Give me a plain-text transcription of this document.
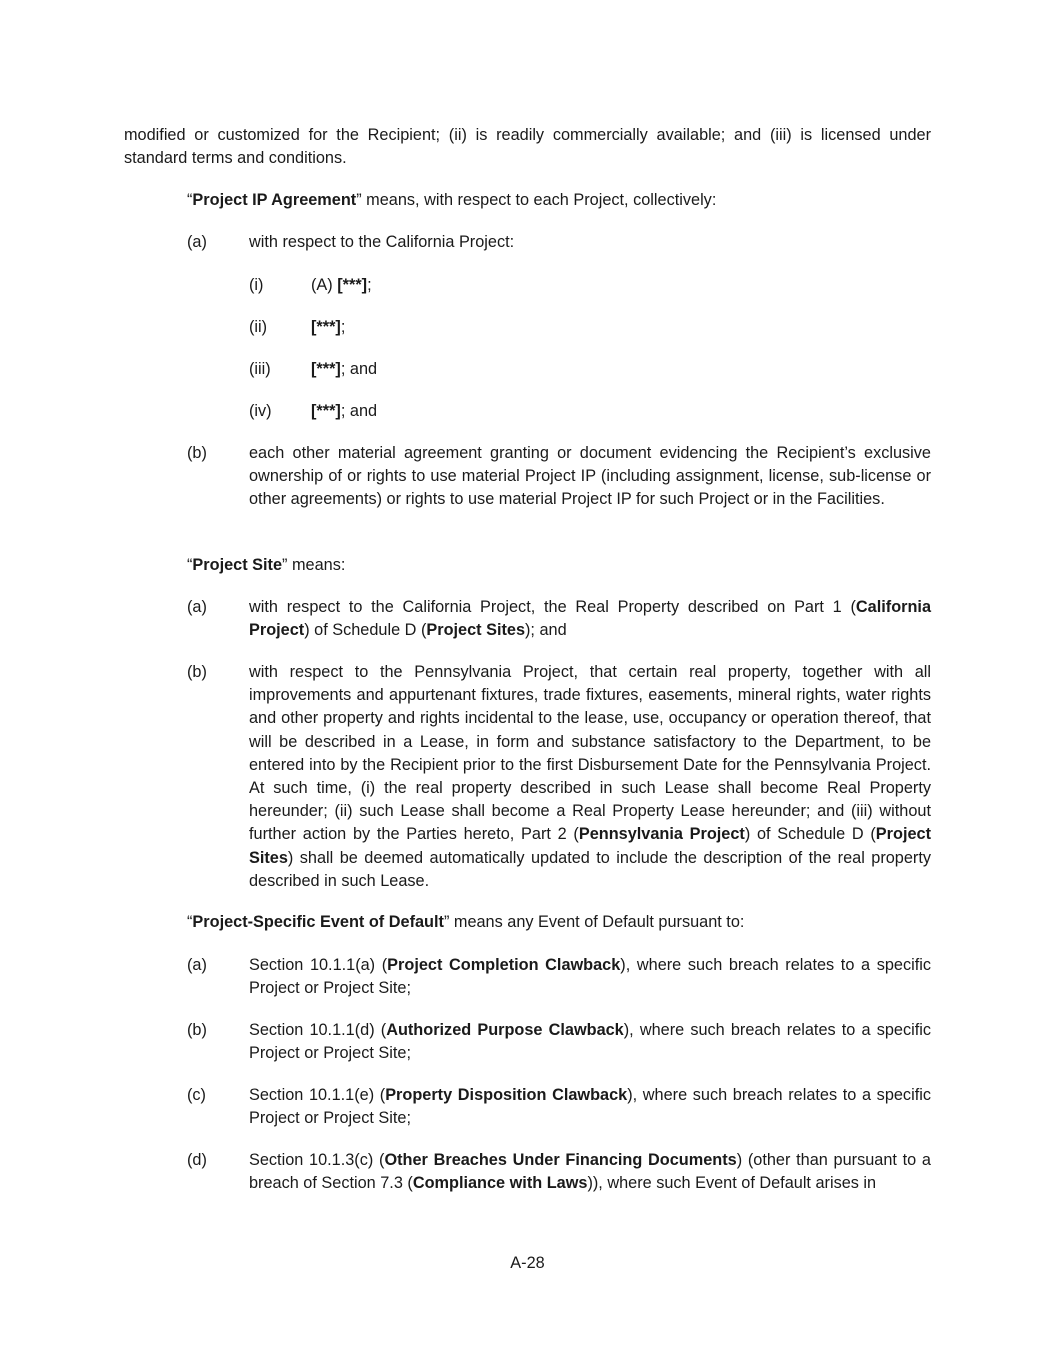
modified or customized for the Recipient; (ii) is readily commercially available; and (iii) is licensed under standard terms and conditions.

“Project IP Agreement” means, with respect to each Project, collectively:

(a)	with respect to the California Project:
(i)	(A) [***];
(ii)	[***];
(iii) [***]; and
(iv) [***]; and
(b)	each other material agreement granting or document evidencing the Recipient’s exclusive ownership of or rights to use material Project IP (including assignment, license, sub-license or other agreements) or rights to use material Project IP for such Project or in the Facilities.

“Project Site” means:

(a)	with respect to the California Project, the Real Property described on Part 1 (California Project) of Schedule D (Project Sites); and
(b)	with respect to the Pennsylvania Project, that certain real property, together with all improvements and appurtenant fixtures, trade fixtures, easements, mineral rights, water rights and other property and rights incidental to the lease, use, occupancy or operation thereof, that will be described in a Lease, in form and substance satisfactory to the Department, to be entered into by the Recipient prior to the first Disbursement Date for the Pennsylvania Project. At such time, (i) the real property described in such Lease shall become Real Property hereunder; (ii) such Lease shall become a Real Property Lease hereunder; and (iii) without further action by the Parties hereto, Part 2 (Pennsylvania Project) of Schedule D (Project Sites) shall be deemed automatically updated to include the description of the real property described in such Lease.

“Project-Specific Event of Default” means any Event of Default pursuant to:

(a)	Section 10.1.1(a) (Project Completion Clawback), where such breach relates to a specific Project or Project Site;
(b)	Section 10.1.1(d) (Authorized Purpose Clawback), where such breach relates to a specific Project or Project Site;
(c)	Section 10.1.1(e) (Property Disposition Clawback), where such breach relates to a specific Project or Project Site;
(d)	Section 10.1.3(c) (Other Breaches Under Financing Documents) (other than pursuant to a breach of Section 7.3 (Compliance with Laws)), where such Event of Default arises in
A-28
